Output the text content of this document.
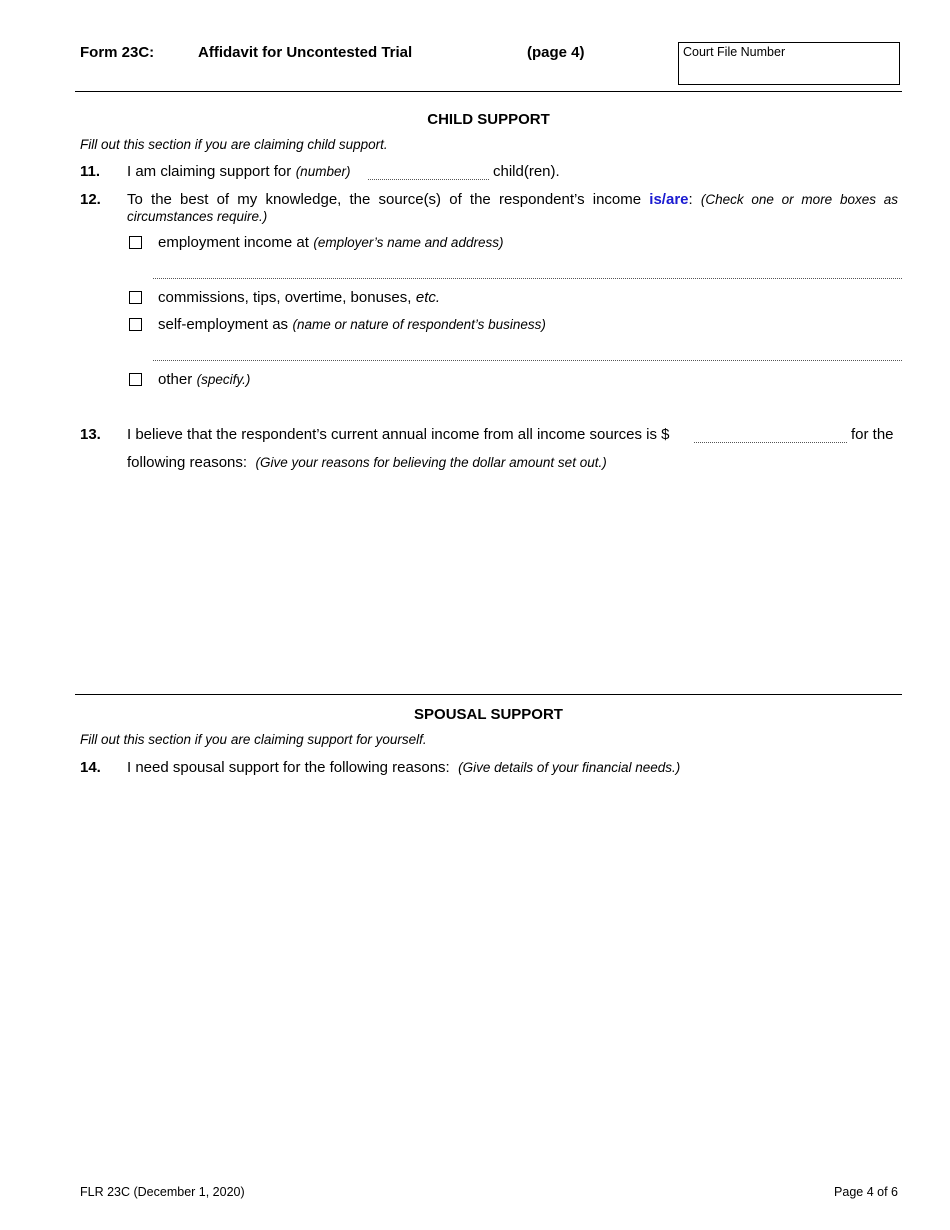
Form 23C:	Affidavit for Uncontested Trial	(page 4)	Court File Number
CHILD SUPPORT
Fill out this section if you are claiming child support.
11. I am claiming support for (number)	child(ren).
12. To the best of my knowledge, the source(s) of the respondent’s income is/are: (Check one or more boxes as
circumstances require.)
employment income at (employer’s name and address)
commissions, tips, overtime, bonuses, etc.
self-employment as (name or nature of respondent’s business)
other (specify.)
13. I believe that the respondent’s current annual income from all income sources is $	for the
following reasons: (Give your reasons for believing the dollar amount set out.)
SPOUSAL SUPPORT
Fill out this section if you are claiming support for yourself.
14. I need spousal support for the following reasons: (Give details of your financial needs.)
FLR 23C (December 1, 2020)	Page 4 of 6
